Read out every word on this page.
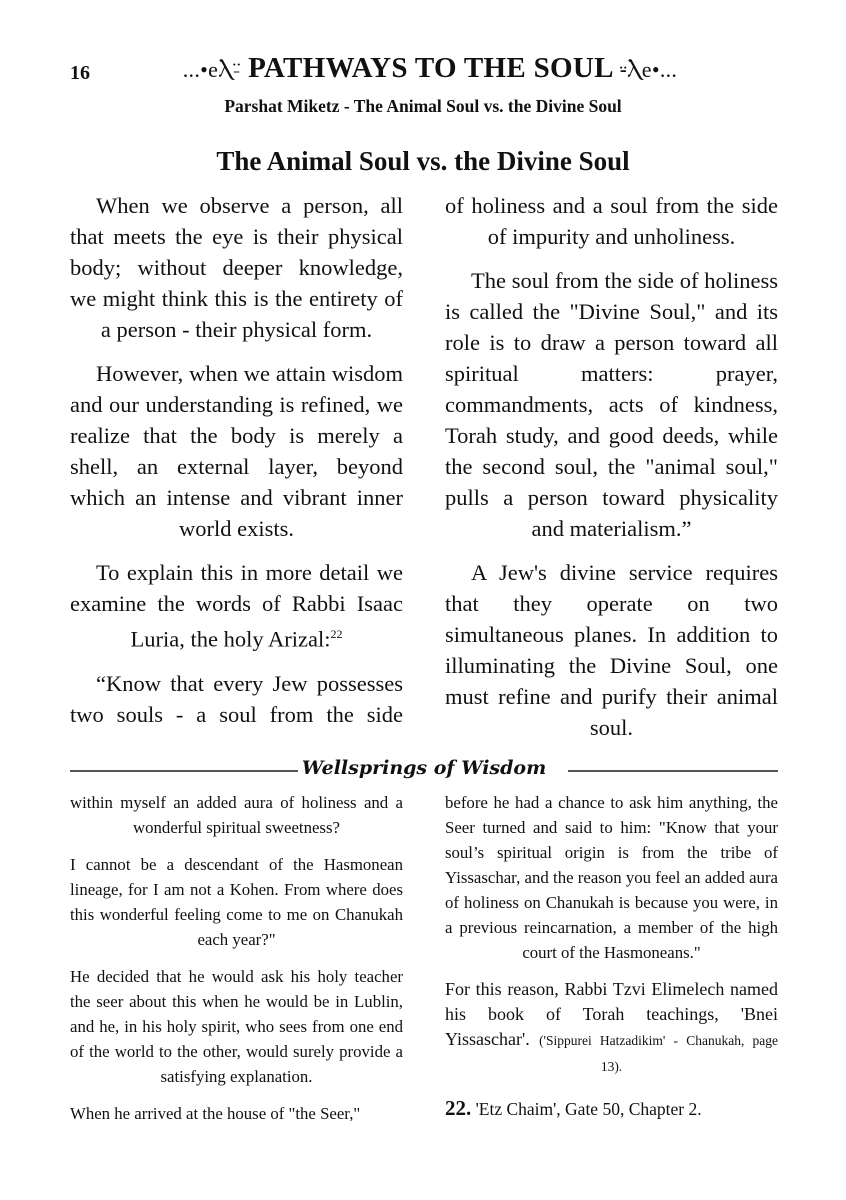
16	...•еⲖ⸚ PATHWAYS TO THE SOUL ⸚Ⲗе•...
Parshat Miketz - The Animal Soul vs. the Divine Soul
The Animal Soul vs. the Divine Soul

When we observe a person, all that meets the eye is their physical body; without deeper knowledge, we might think this is the entirety of a person - their physical form.

However, when we attain wisdom and our understanding is refined, we realize that the body is merely a shell, an external layer, beyond which an intense and vibrant inner world exists.

To explain this in more detail we examine the words of Rabbi Isaac Luria, the holy Arizal:$^{22}$

“Know that every Jew possesses two souls - a soul from the side

of holiness and a soul from the side of impurity and unholiness.

The soul from the side of holiness is called the "Divine Soul," and its role is to draw a person toward all spiritual matters: prayer, commandments, acts of kindness, Torah study, and good deeds, while the second soul, the "animal soul," pulls a person toward physicality and materialism.”

A Jew's divine service requires that they operate on two simultaneous planes. In addition to illuminating the Divine Soul, one must refine and purify their animal soul.

Wellsprings of Wisdom

within myself an added aura of holiness and a wonderful spiritual sweetness?

I cannot be a descendant of the Hasmonean lineage, for I am not a Kohen. From where does this wonderful feeling come to me on Chanukah each year?"

He decided that he would ask his holy teacher the seer about this when he would be in Lublin, and he, in his holy spirit, who sees from one end of the world to the other, would surely provide a satisfying explanation.

When he arrived at the house of "the Seer,"

before he had a chance to ask him anything, the Seer turned and said to him: "Know that your soul’s spiritual origin is from the tribe of Yissaschar, and the reason you feel an added aura of holiness on Chanukah is because you were, in a previous reincarnation, a member of the high court of the Hasmoneans."

For this reason, Rabbi Tzvi Elimelech named his book of Torah teachings, 'Bnei Yissaschar'. ('Sippurei Hatzadikim' - Chanukah, page 13).

22. 'Etz Chaim', Gate 50, Chapter 2.
